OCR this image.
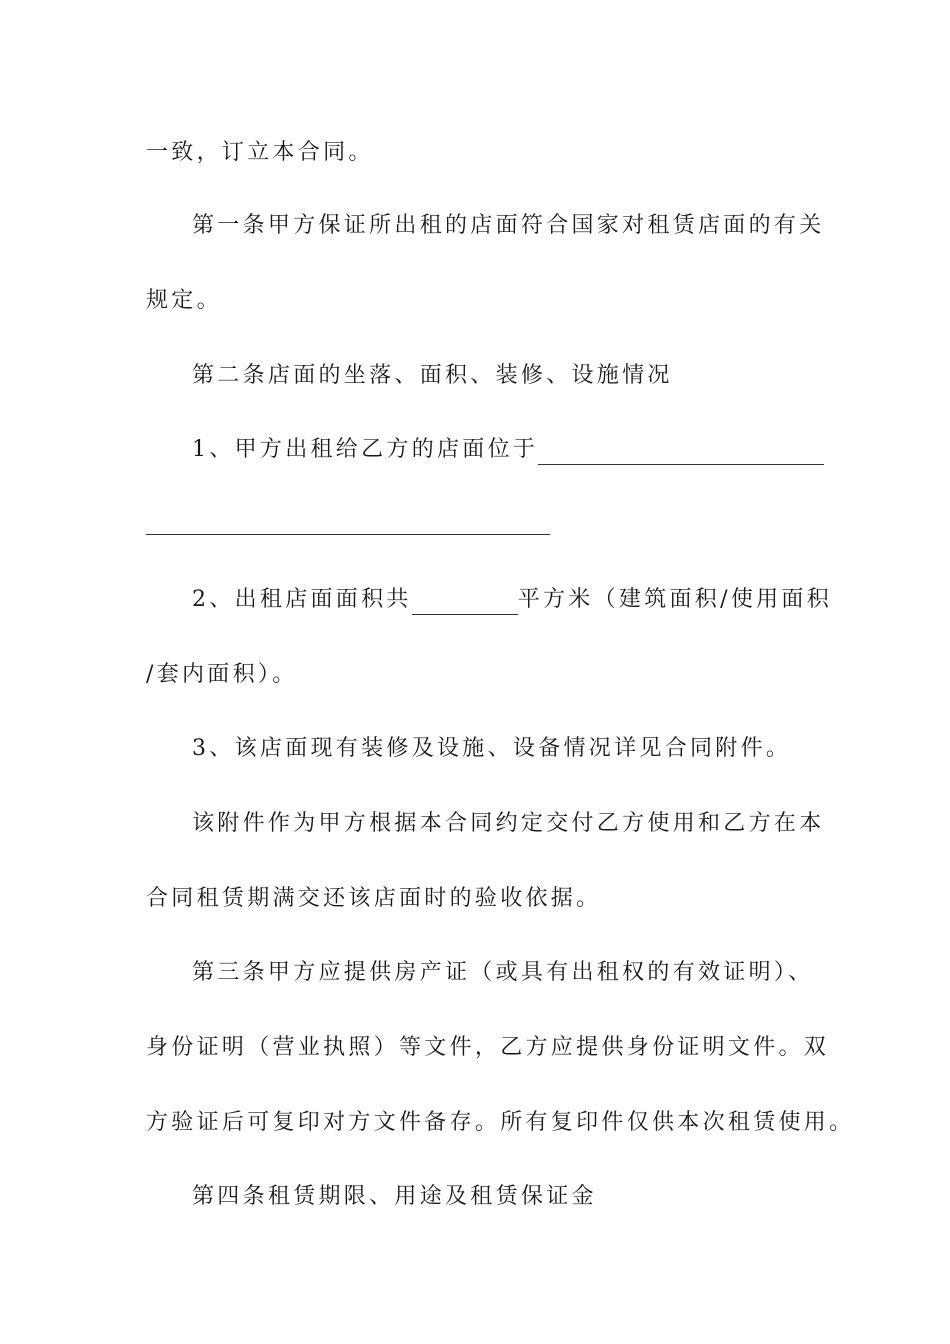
一致，订立本合同。
第一条甲方保证所出租的店面符合国家对租赁店面的有关
规定。
第二条店面的坐落、面积、装修、设施情况
1、甲方出租给乙方的店面位于
2、出租店面面积共	平方米（建筑面积/使用面积
/套内面积）。
3、该店面现有装修及设施、设备情况详见合同附件。
该附件作为甲方根据本合同约定交付乙方使用和乙方在本
合同租赁期满交还该店面时的验收依据。
第三条甲方应提供房产证（或具有出租权的有效证明）、
身份证明（营业执照）等文件，乙方应提供身份证明文件。双
方验证后可复印对方文件备存。所有复印件仅供本次租赁使用。
第四条租赁期限、用途及租赁保证金
